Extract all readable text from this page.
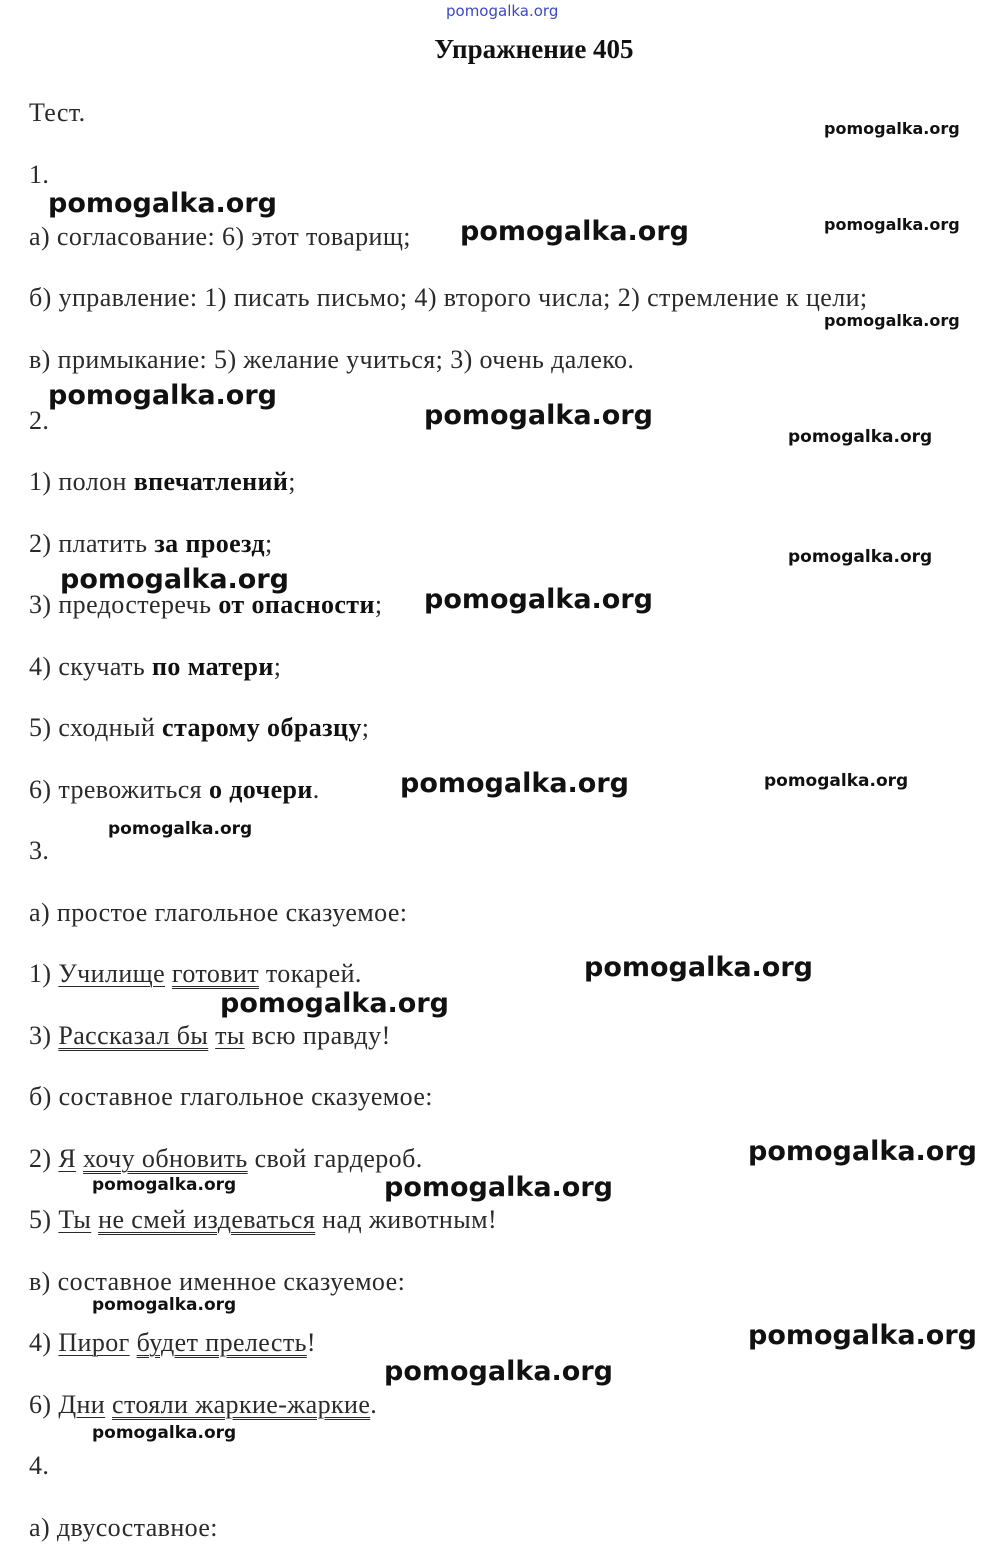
pomogalka.org
Упражнение 405
Тест.
1.
а) согласование: 6) этот товарищ;
б) управление: 1) писать письмо; 4) второго числа; 2) стремление к цели;
в) примыкание: 5) желание учиться; 3) очень далеко.
2.
1) полон впечатлений;
2) платить за проезд;
3) предостеречь от опасности;
4) скучать по матери;
5) сходный старому образцу;
6) тревожиться о дочери.
3.
а) простое глагольное сказуемое:
1) Училище готовит токарей.
3) Рассказал бы ты всю правду!
б) составное глагольное сказуемое:
2) Я хочу обновить свой гардероб.
5) Ты не смей издеваться над животным!
в) составное именное сказуемое:
4) Пирог будет прелесть!
6) Дни стояли жаркие-жаркие.
4.
а) двусоставное:
pomogalka.org
pomogalka.org
pomogalka.org
pomogalka.org
pomogalka.org
pomogalka.org
pomogalka.org
pomogalka.org
pomogalka.org
pomogalka.org
pomogalka.org
pomogalka.org
pomogalka.org
pomogalka.org
pomogalka.org
pomogalka.org
pomogalka.org
pomogalka.org	pomogalka.org
pomogalka.org
pomogalka.org
pomogalka.org
pomogalka.org
